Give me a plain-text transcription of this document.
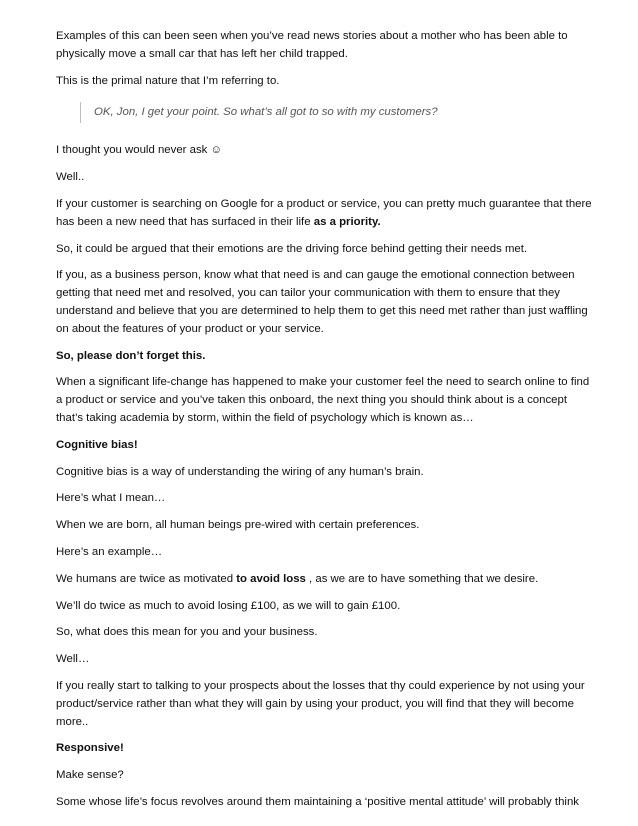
Examples of this can been seen when you’ve read news stories about a mother who has been able to physically move a small car that has left her child trapped.

This is the primal nature that I’m referring to.

OK, Jon, I get your point. So what’s all got to so with my customers?

I thought you would never ask ☺

Well..

If your customer is searching on Google for a product or service, you can pretty much guarantee that there has been a new need that has surfaced in their life as a priority.

So, it could be argued that their emotions are the driving force behind getting their needs met.

If you, as a business person, know what that need is and can gauge the emotional connection between getting that need met and resolved, you can tailor your communication with them to ensure that they understand and believe that you are determined to help them to get this need met rather than just waffling on about the features of your product or your service.

So, please don’t forget this.

When a significant life-change has happened to make your customer feel the need to search online to find a product or service and you’ve taken this onboard, the next thing you should think about is a concept that’s taking academia by storm, within the field of psychology which is known as…

Cognitive bias!

Cognitive bias is a way of understanding the wiring of any human’s brain.

Here’s what I mean…

When we are born, all human beings pre-wired with certain preferences.

Here’s an example…

We humans are twice as motivated to avoid loss , as we are to have something that we desire.

We’ll do twice as much to avoid losing £100, as we will to gain £100.

So, what does this mean for you and your business.

Well…

If you really start to talking to your prospects about the losses that thy could experience by not using your product/service rather than what they will gain by using your product, you will find that they will become more..

Responsive!

Make sense?

Some whose life’s focus revolves around them maintaining a ‘positive mental attitude’ will probably think
